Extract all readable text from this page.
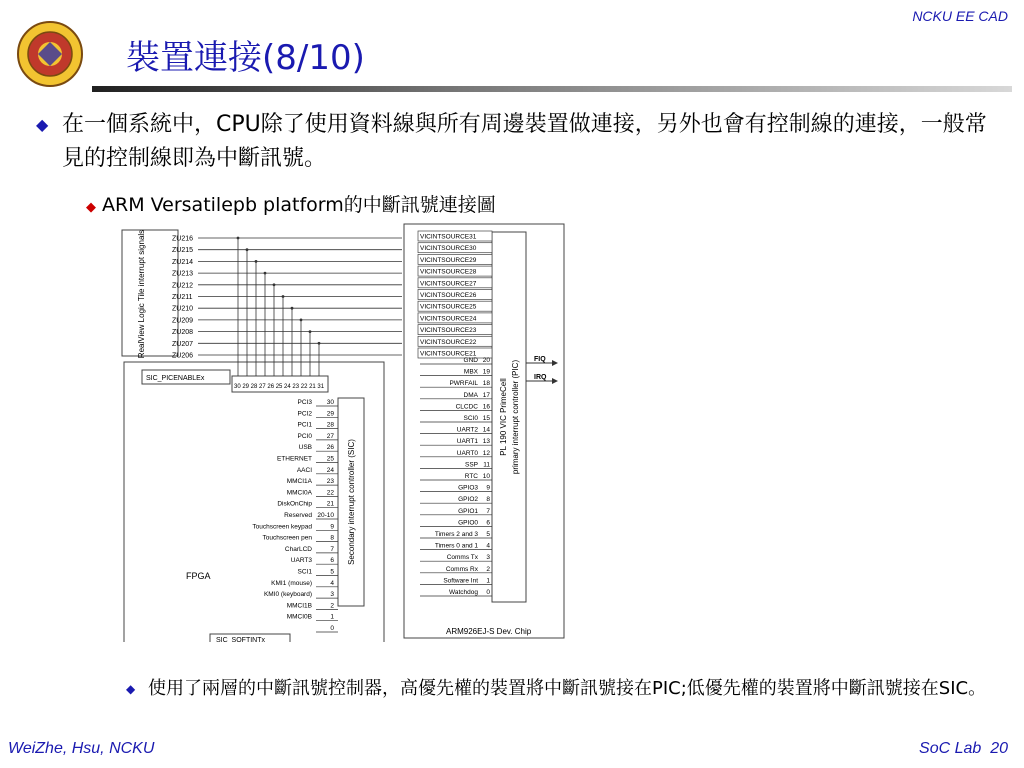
裝置連接(8/10)
NCKU EE CAD
◆ 在一個系統中，CPU除了使用資料線與所有周邊裝置做連接，另外也會有控制線的連接，一般常見的控制線即為中斷訊號。
◆ ARM Versatilepb platform的中斷訊號連接圖
RealView Logic Tile interrupt signals
FPGA
SIC_PICENABLEx
30 29 28 27 26 25 24 23 22 21 31
Secondary interrupt controller (SIC)
SIC_SOFTINTx
PL 190 VIC PrimeCell primary interrupt controller (PIC)
ARM926EJ-S Dev. Chip
FIQ
IRQ
ZU216
ZU215
ZU214
ZU213
ZU212
ZU211
ZU210
ZU209
ZU208
ZU207
ZU206
VICINTSOURCE31
VICINTSOURCE30
VICINTSOURCE29
VICINTSOURCE28
VICINTSOURCE27
VICINTSOURCE26
VICINTSOURCE25
VICINTSOURCE24
VICINTSOURCE23
VICINTSOURCE22
VICINTSOURCE21
GND 20
MBX 19
PWRFAIL 18
DMA 17
CLCDC 16
SCI0 15
UART2 14
UART1 13
UART0 12
SSP 11
RTC 10
GPIO3 9
GPIO2 8
GPIO1 7
GPIO0 6
Timers 2 and 3 5
Timers 0 and 1 4
Comms Tx 3
Comms Rx 2
Software Int 1
Watchdog 0
PCI3 30
PCI2 29
PCI1 28
PCI0 27
USB 26
ETHERNET 25
AACI 24
MMCI1A 23
MMCI0A 22
DiskOnChip 21
Reserved 20-10
Touchscreen keypad	9
Touchscreen pen	8
CharLCD	7
UART3	6
SCI1	5
KMI1 (mouse)	4
KMI0 (keyboard)	3
MMCI1B	2
MMCI0B	1
0
◆ 使用了兩層的中斷訊號控制器，高優先權的裝置將中斷訊號接在PIC;低優先權的裝置將中斷訊號接在SIC。
WeiZhe, Hsu, NCKU	SoC Lab 20
